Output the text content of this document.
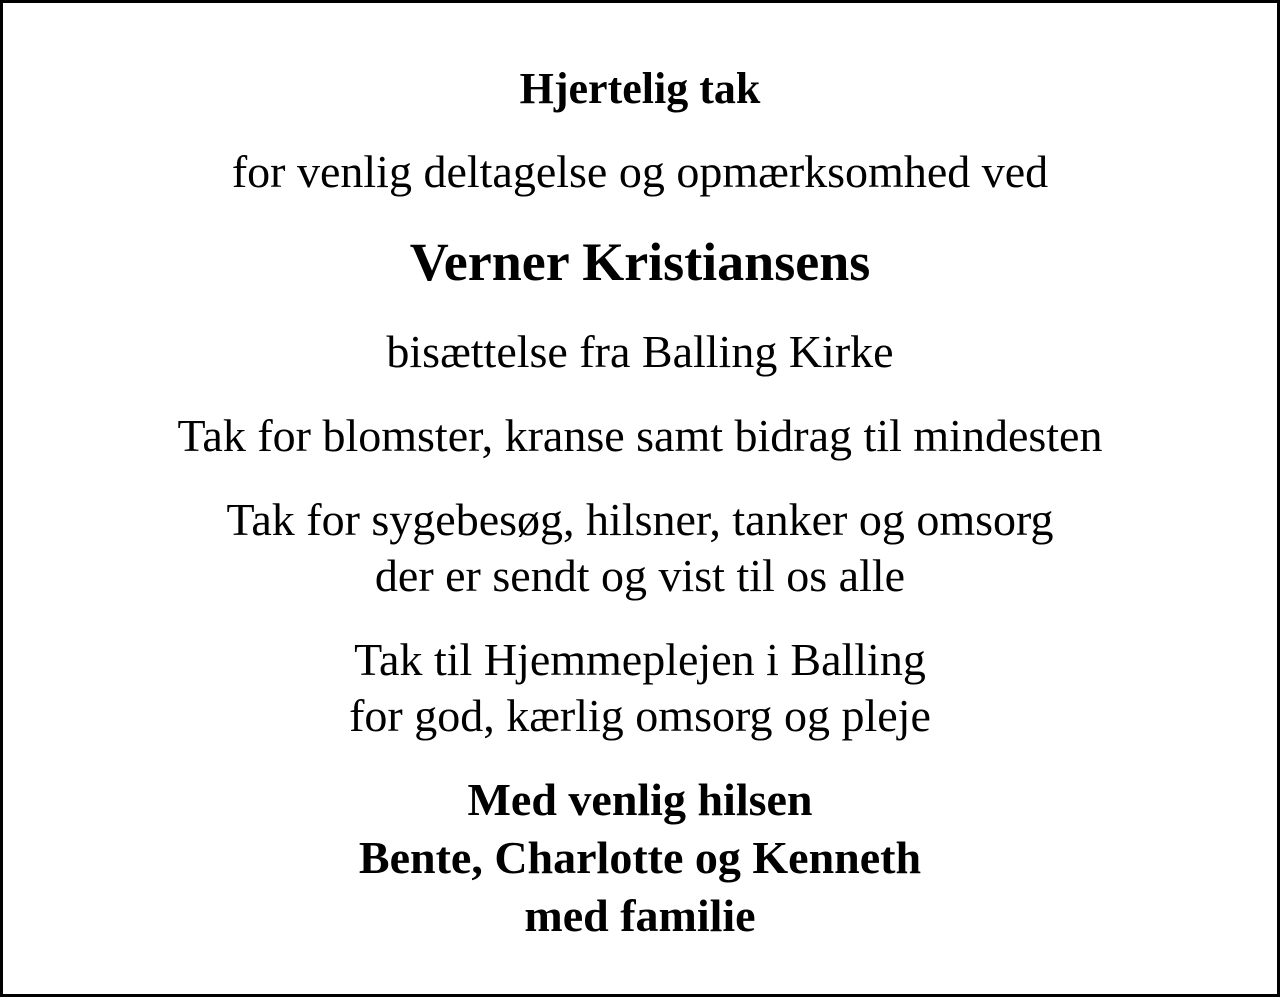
Hjertelig tak
for venlig deltagelse og opmærksomhed ved
Verner Kristiansens
bisættelse fra Balling Kirke
Tak for blomster, kranse samt bidrag til mindesten
Tak for sygebesøg, hilsner, tanker og omsorg
der er sendt og vist til os alle
Tak til Hjemmeplejen i Balling
for god, kærlig omsorg og pleje
Med venlig hilsen
Bente, Charlotte og Kenneth
med familie
